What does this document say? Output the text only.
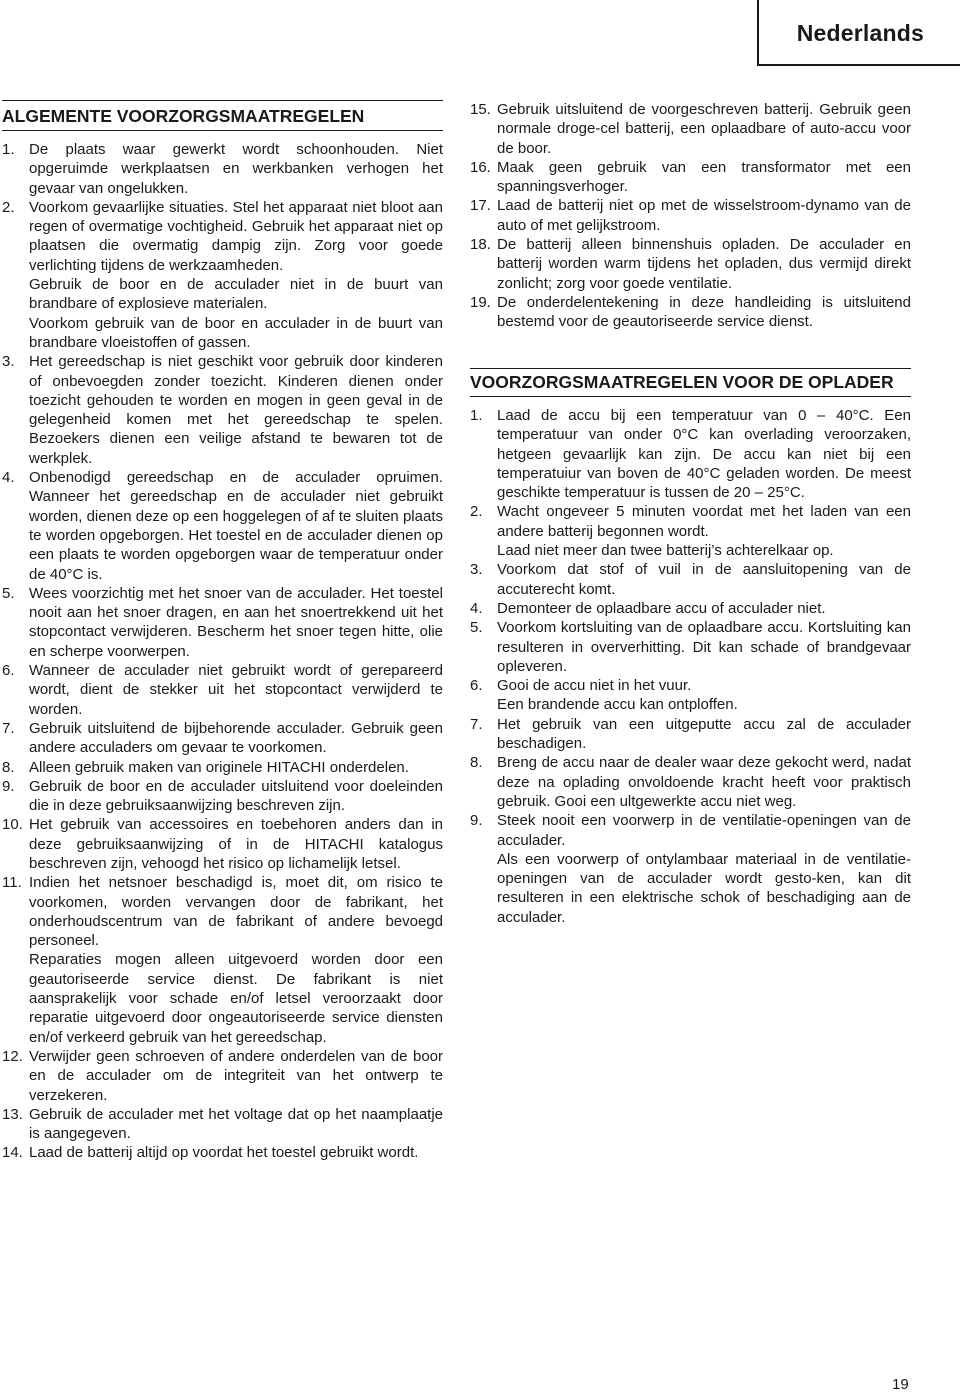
Nederlands
ALGEMENTE VOORZORGSMAATREGELEN
1. De plaats waar gewerkt wordt schoonhouden. Niet opgeruimde werkplaatsen en werkbanken verhogen het gevaar van ongelukken.
2. Voorkom gevaarlijke situaties. Stel het apparaat niet bloot aan regen of overmatige vochtigheid. Gebruik het apparaat niet op plaatsen die overmatig dampig zijn. Zorg voor goede verlichting tijdens de werkzaamheden.
Gebruik de boor en de acculader niet in de buurt van brandbare of explosieve materialen.
Voorkom gebruik van de boor en acculader in de buurt van brandbare vloeistoffen of gassen.
3. Het gereedschap is niet geschikt voor gebruik door kinderen of onbevoegden zonder toezicht. Kinderen dienen onder toezicht gehouden te worden en mogen in geen geval in de gelegenheid komen met het gereedschap te spelen. Bezoekers dienen een veilige afstand te bewaren tot de werkplek.
4. Onbenodigd gereedschap en de acculader opruimen. Wanneer het gereedschap en de acculader niet gebruikt worden, dienen deze op een hoggelegen of af te sluiten plaats te worden opgeborgen. Het toestel en de acculader dienen op een plaats te worden opgeborgen waar de temperatuur onder de 40°C is.
5. Wees voorzichtig met het snoer van de acculader. Het toestel nooit aan het snoer dragen, en aan het snoertrekkend uit het stopcontact verwijderen. Bescherm het snoer tegen hitte, olie en scherpe voorwerpen.
6. Wanneer de acculader niet gebruikt wordt of gerepareerd wordt, dient de stekker uit het stopcontact verwijderd te worden.
7. Gebruik uitsluitend de bijbehorende acculader. Gebruik geen andere acculaders om gevaar te voorkomen.
8. Alleen gebruik maken van originele HITACHI onderdelen.
9. Gebruik de boor en de acculader uitsluitend voor doeleinden die in deze gebruiksaanwijzing beschreven zijn.
10. Het gebruik van accessoires en toebehoren anders dan in deze gebruiksaanwijzing of in de HITACHI katalogus beschreven zijn, vehoogd het risico op lichamelijk letsel.
11. Indien het netsnoer beschadigd is, moet dit, om risico te voorkomen, worden vervangen door de fabrikant, het onderhoudscentrum van de fabrikant of andere bevoegd personeel.
Reparaties mogen alleen uitgevoerd worden door een geautoriseerde service dienst. De fabrikant is niet aansprakelijk voor schade en/of letsel veroorzaakt door reparatie uitgevoerd door ongeautoriseerde service diensten en/of verkeerd gebruik van het gereedschap.
12. Verwijder geen schroeven of andere onderdelen van de boor en de acculader om de integriteit van het ontwerp te verzekeren.
13. Gebruik de acculader met het voltage dat op het naamplaatje is aangegeven.
14. Laad de batterij altijd op voordat het toestel gebruikt wordt.
15. Gebruik uitsluitend de voorgeschreven batterij. Gebruik geen normale droge-cel batterij, een oplaadbare of auto-accu voor de boor.
16. Maak geen gebruik van een transformator met een spanningsverhoger.
17. Laad de batterij niet op met de wisselstroom-dynamo van de auto of met gelijkstroom.
18. De batterij alleen binnenshuis opladen. De acculader en batterij worden warm tijdens het opladen, dus vermijd direkt zonlicht; zorg voor goede ventilatie.
19. De onderdelentekening in deze handleiding is uitsluitend bestemd voor de geautoriseerde service dienst.
VOORZORGSMAATREGELEN VOOR DE OPLADER
1. Laad de accu bij een temperatuur van 0 – 40°C. Een temperatuur van onder 0°C kan overlading veroorzaken, hetgeen gevaarlijk kan zijn. De accu kan niet bij een temperatuiur van boven de 40°C geladen worden. De meest geschikte temperatuur is tussen de 20 – 25°C.
2. Wacht ongeveer 5 minuten voordat met het laden van een andere batterij begonnen wordt.
Laad niet meer dan twee batterij’s achterelkaar op.
3. Voorkom dat stof of vuil in de aansluitopening van de accuterecht komt.
4. Demonteer de oplaadbare accu of acculader niet.
5. Voorkom kortsluiting van de oplaadbare accu. Kortsluiting kan resulteren in oververhitting. Dit kan schade of brandgevaar opleveren.
6. Gooi de accu niet in het vuur.
Een brandende accu kan ontploffen.
7. Het gebruik van een uitgeputte accu zal de acculader beschadigen.
8. Breng de accu naar de dealer waar deze gekocht werd, nadat deze na oplading onvoldoende kracht heeft voor praktisch gebruik. Gooi een ultgewerkte accu niet weg.
9. Steek nooit een voorwerp in de ventilatie-openingen van de acculader.
Als een voorwerp of ontylambaar materiaal in de ventilatie-openingen van de acculader wordt gesto-ken, kan dit resulteren in een elektrische schok of beschadiging aan de acculader.
19
